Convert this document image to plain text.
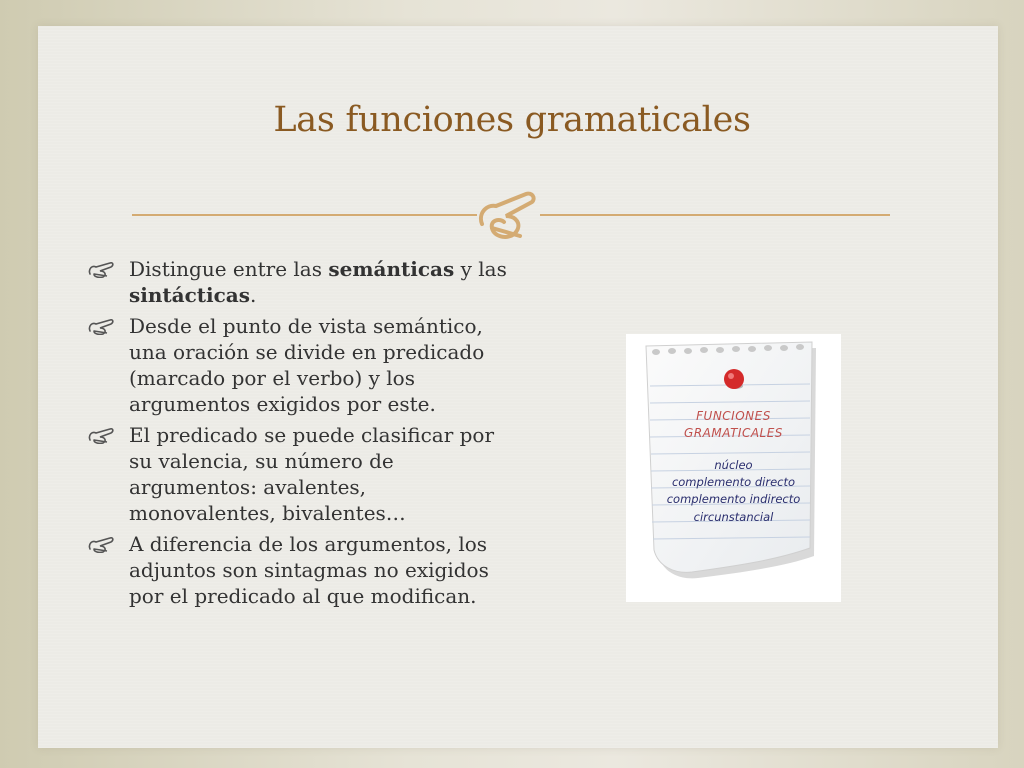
Las funciones gramaticales
Distingue entre las semánticas y las sintácticas.
Desde el punto de vista semántico, una oración se divide en predicado (marcado por el verbo) y los argumentos exigidos por este.
El predicado se puede clasificar por su valencia, su número de argumentos: avalentes, monovalentes, bivalentes…
A diferencia de los argumentos, los adjuntos son sintagmas no exigidos por el predicado al que modifican.

FUNCIONES

GRAMATICALES

núcleo

complemento directo

complemento indirecto

circunstancial
